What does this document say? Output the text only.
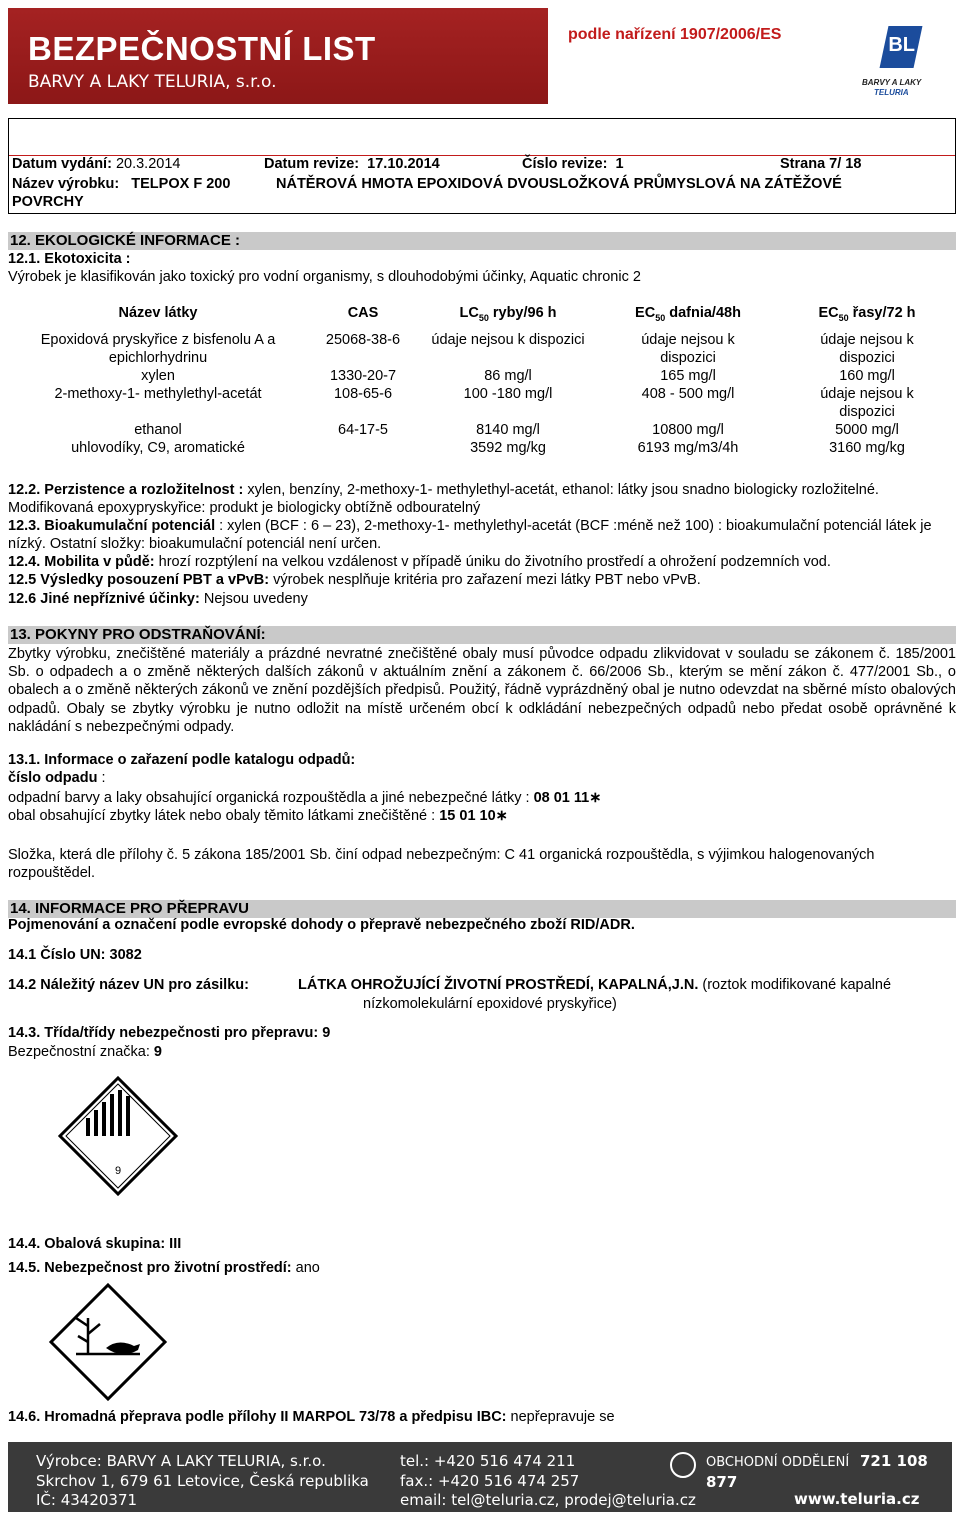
BEZPEČNOSTNÍ LIST
BARVY A LAKY TELURIA, s.r.o.
podle nařízení 1907/2006/ES	BL
BARVY A LAKY
TELURIA
Datum vydání: 20.3.2014	Datum revize: 17.10.2014	Číslo revize: 1	Strana 7/ 18
Název výrobku: TELPOX F 200	NÁTĚROVÁ HMOTA EPOXIDOVÁ DVOUSLOŽKOVÁ PRŮMYSLOVÁ NA ZÁTĚŽOVÉ
POVRCHY
12. EKOLOGICKÉ INFORMACE :
12.1. Ekotoxicita :
Výrobek je klasifikován jako toxický pro vodní organismy, s dlouhodobými účinky, Aquatic chronic 2
Název látky	CAS	$LC_{50}$ ryby/96 h	$EC_{50}$ dafnia/48h	$EC_{50}$ řasy/72 h
Epoxidová pryskyřice z bisfenolu A a epichlorhydrinu	25068-38-6	údaje nejsou k dispozici	údaje nejsou k dispozici	údaje nejsou k dispozici
xylen	1330-20-7	86 mg/l	165 mg/l	160 mg/l
2-methoxy-1- methylethyl-acetát	108-65-6	100 -180 mg/l	408 - 500 mg/l	údaje nejsou k dispozici
ethanol	64-17-5	8140 mg/l	10800 mg/l	5000 mg/l
uhlovodíky, C9, aromatické		3592 mg/kg	6193 mg/m3/4h	3160 mg/kg
12.2. Perzistence a rozložitelnost : xylen, benzíny, 2-methoxy-1- methylethyl-acetát, ethanol: látky jsou snadno biologicky rozložitelné. Modifikovaná epoxypryskyřice: produkt je biologicky obtížně odbouratelný
12.3. Bioakumulační potenciál : xylen (BCF : 6 – 23), 2-methoxy-1- methylethyl-acetát (BCF :méně než 100) : bioakumulační potenciál látek je nízký. Ostatní složky: bioakumulační potenciál není určen.
12.4. Mobilita v půdě: hrozí rozptýlení na velkou vzdálenost v případě úniku do životního prostředí a ohrožení podzemních vod.
12.5 Výsledky posouzení PBT a vPvB: výrobek nesplňuje kritéria pro zařazení mezi látky PBT nebo vPvB.
12.6 Jiné nepříznivé účinky: Nejsou uvedeny
13. POKYNY PRO ODSTRAŇOVÁNÍ:
Zbytky výrobku, znečištěné materiály a prázdné nevratné znečištěné obaly musí původce odpadu zlikvidovat v souladu se zákonem č. 185/2001 Sb. o odpadech a o změně některých dalších zákonů v aktuálním znění a zákonem č. 66/2006 Sb., kterým se mění zákon č. 477/2001 Sb., o obalech a o změně některých zákonů ve znění pozdějších předpisů. Použitý, řádně vyprázdněný obal je nutno odevzdat na sběrné místo obalových odpadů. Obaly se zbytky výrobku je nutno odložit na místě určeném obcí k odkládání nebezpečných odpadů nebo předat osobě oprávněné k nakládání s nebezpečnými odpady.
13.1. Informace o zařazení podle katalogu odpadů:
číslo odpadu :
odpadní barvy a laky obsahující organická rozpouštědla a jiné nebezpečné látky : 08 01 11∗
obal obsahující zbytky látek nebo obaly těmito látkami znečištěné : 15 01 10∗
Složka, která dle přílohy č. 5 zákona 185/2001 Sb. činí odpad nebezpečným: C 41 organická rozpouštědla, s výjimkou halogenovaných rozpouštědel.
14. INFORMACE PRO PŘEPRAVU
Pojmenování a označení podle evropské dohody o přepravě nebezpečného zboží RID/ADR.
14.1 Číslo UN: 3082
14.2 Náležitý název UN pro zásilku:	LÁTKA OHROŽUJÍCÍ ŽIVOTNÍ PROSTŘEDÍ, KAPALNÁ,J.N. (roztok modifikované kapalné
nízkomolekulární epoxidové pryskyřice)
14.3. Třída/třídy nebezpečnosti pro přepravu: 9
Bezpečnostní značka: 9
9
14.4. Obalová skupina: III
14.5. Nebezpečnost pro životní prostředí: ano
14.6. Hromadná přeprava podle přílohy II MARPOL 73/78 a předpisu IBC: nepřepravuje se
Výrobce: BARVY A LAKY TELURIA, s.r.o.
Skrchov 1, 679 61 Letovice, Česká republika
IČ: 43420371
tel.: +420 516 474 211
fax.: +420 516 474 257
email: tel@teluria.cz, prodej@teluria.cz
OBCHODNÍ ODDĚLENÍ 721 108 877
www.teluria.cz
